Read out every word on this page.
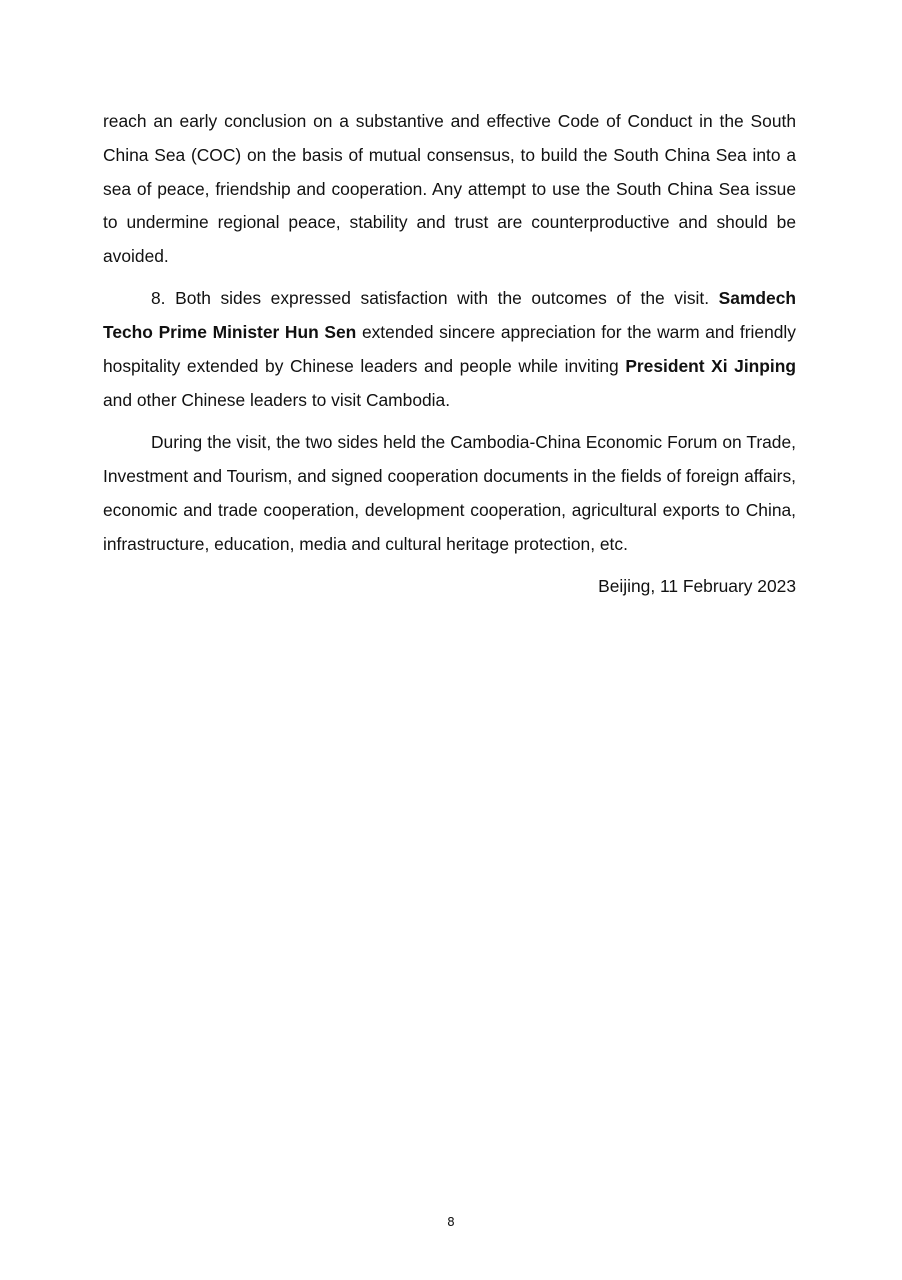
reach an early conclusion on a substantive and effective Code of Conduct in the South China Sea (COC) on the basis of mutual consensus, to build the South China Sea into a sea of peace, friendship and cooperation. Any attempt to use the South China Sea issue to undermine regional peace, stability and trust are counterproductive and should be avoided.

8. Both sides expressed satisfaction with the outcomes of the visit. Samdech Techo Prime Minister Hun Sen extended sincere appreciation for the warm and friendly hospitality extended by Chinese leaders and people while inviting President Xi Jinping and other Chinese leaders to visit Cambodia.

During the visit, the two sides held the Cambodia-China Economic Forum on Trade, Investment and Tourism, and signed cooperation documents in the fields of foreign affairs, economic and trade cooperation, development cooperation, agricultural exports to China, infrastructure, education, media and cultural heritage protection, etc.

Beijing, 11 February 2023

8
